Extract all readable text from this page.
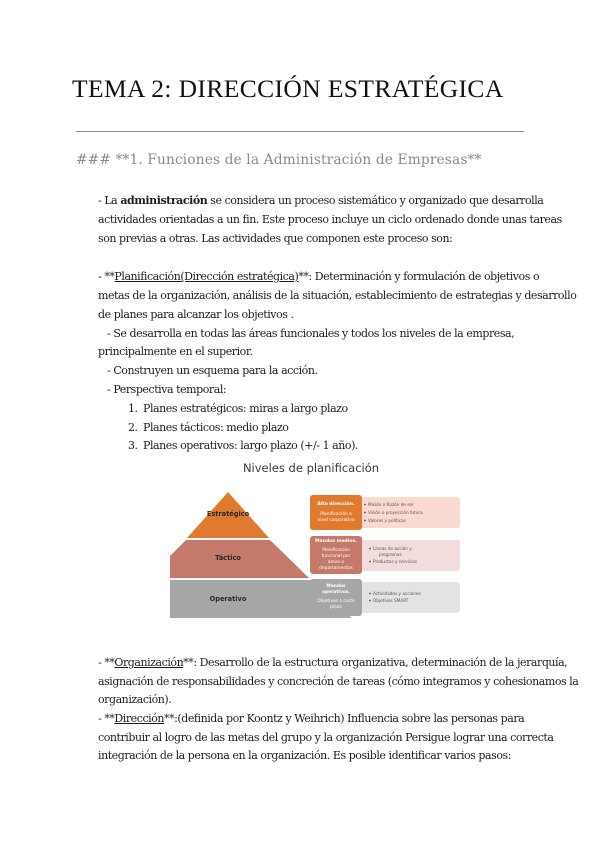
TEMA 2: DIRECCIÓN ESTRATÉGICA
### **1. Funciones de la Administración de Empresas**
- La administración se considera un proceso sistemático y organizado que desarrolla
actividades orientadas a un fin. Este proceso incluye un ciclo ordenado donde unas tareas
son previas a otras. Las actividades que componen este proceso son:
- **Planificación(Dirección estratégica)**: Determinación y formulación de objetivos o
metas de la organización, análisis de la situación, establecimiento de estrategias y desarrollo
de planes para alcanzar los objetivos .
- Se desarrolla en todas las áreas funcionales y todos los niveles de la empresa,
principalmente en el superior.
- Construyen un esquema para la acción.
- Perspectiva temporal:
1. Planes estratégicos: miras a largo plazo
2. Planes tácticos: medio plazo
3. Planes operativos: largo plazo (+/- 1 año).
Niveles de planificación
Estratégico
Táctico
Operativo
Alta dirección.
Planificación a
nivel corporativo
Misión o Razón de ser
Visión o proyección futura
Valores y políticas
Mandos medios.
Planificación
funcional por
áreas o
departamentos
Líneas de acción y
programas
Productos y servicios
Mandos
operativos.
Objetivos a corto
plazo
Actividades y acciones
Objetivos SMART
- **Organización**: Desarrollo de la estructura organizativa, determinación de la jerarquía,
asignación de responsabilidades y concreción de tareas (cómo integramos y cohesionamos la
organización).
- **Dirección**:(definida por Koontz y Weihrich) Influencia sobre las personas para
contribuir al logro de las metas del grupo y la organización Persigue lograr una correcta
integración de la persona en la organización. Es posible identificar varios pasos:
